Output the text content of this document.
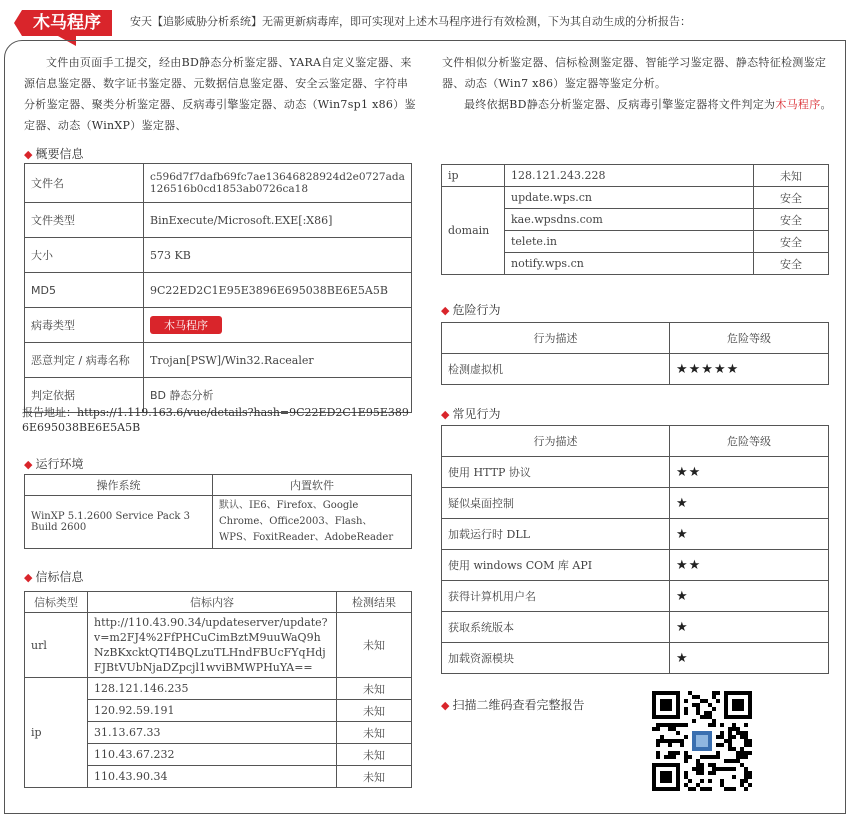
木马程序	安天【追影威胁分析系统】无需更新病毒库，即可实现对上述木马程序进行有效检测，下为其自动生成的分析报告：
文件由页面手工提交，经由BD静态分析鉴定器、YARA自定义鉴定器、来源信息鉴定器、数字证书鉴定器、元数据信息鉴定器、安全云鉴定器、字符串分析鉴定器、聚类分析鉴定器、反病毒引擎鉴定器、动态（Win7sp1 x86）鉴定器、动态（WinXP）鉴定器、
文件相似分析鉴定器、信标检测鉴定器、智能学习鉴定器、静态特征检测鉴定器、动态（Win7 x86）鉴定器等鉴定分析。
最终依据BD静态分析鉴定器、反病毒引擎鉴定器将文件判定为木马程序。
◆ 概要信息
文件名	c596d7f7dafb69fc7ae13646828924d2e0727ada126516b0cd1853ab0726ca18
文件类型	BinExecute/Microsoft.EXE[:X86]
大小	573 KB
MD5	9C22ED2C1E95E3896E695038BE6E5A5B
病毒类型	木马程序
恶意判定 / 病毒名称	Trojan[PSW]/Win32.Racealer
判定依据	BD 静态分析
报告地址：https://1.119.163.6/vue/details?hash=9C22ED2C1E95E3896E695038BE6E5A5B
◆ 运行环境
操作系统	内置软件
WinXP 5.1.2600 Service Pack 3 Build 2600	默认、IE6、Firefox、Google Chrome、Office2003、Flash、WPS、FoxitReader、AdobeReader
◆ 信标信息
信标类型	信标内容	检测结果
url	http://110.43.90.34/updateserver/update?v=m2FJ4%2FfPHCuCimBztM9uuWaQ9hNzBKxcktQTI4BQLzuTLHndFBUcFYqHdjFJBtVUbNjaDZpcjl1wviBMWPHuYA==	未知
ip	128.121.146.235	未知
	120.92.59.191	未知
	31.13.67.33	未知
	110.43.67.232	未知
	110.43.90.34	未知
ip	128.121.243.228	未知
domain	update.wps.cn	安全
	kae.wpsdns.com	安全
	telete.in	安全
	notify.wps.cn	安全
◆ 危险行为
行为描述	危险等级
检测虚拟机	★★★★★
◆ 常见行为
行为描述	危险等级
使用 HTTP 协议	★★
疑似桌面控制	★
加载运行时 DLL	★
使用 windows COM 库 API	★★
获得计算机用户名	★
获取系统版本	★
加载资源模块	★
◆ 扫描二维码查看完整报告
